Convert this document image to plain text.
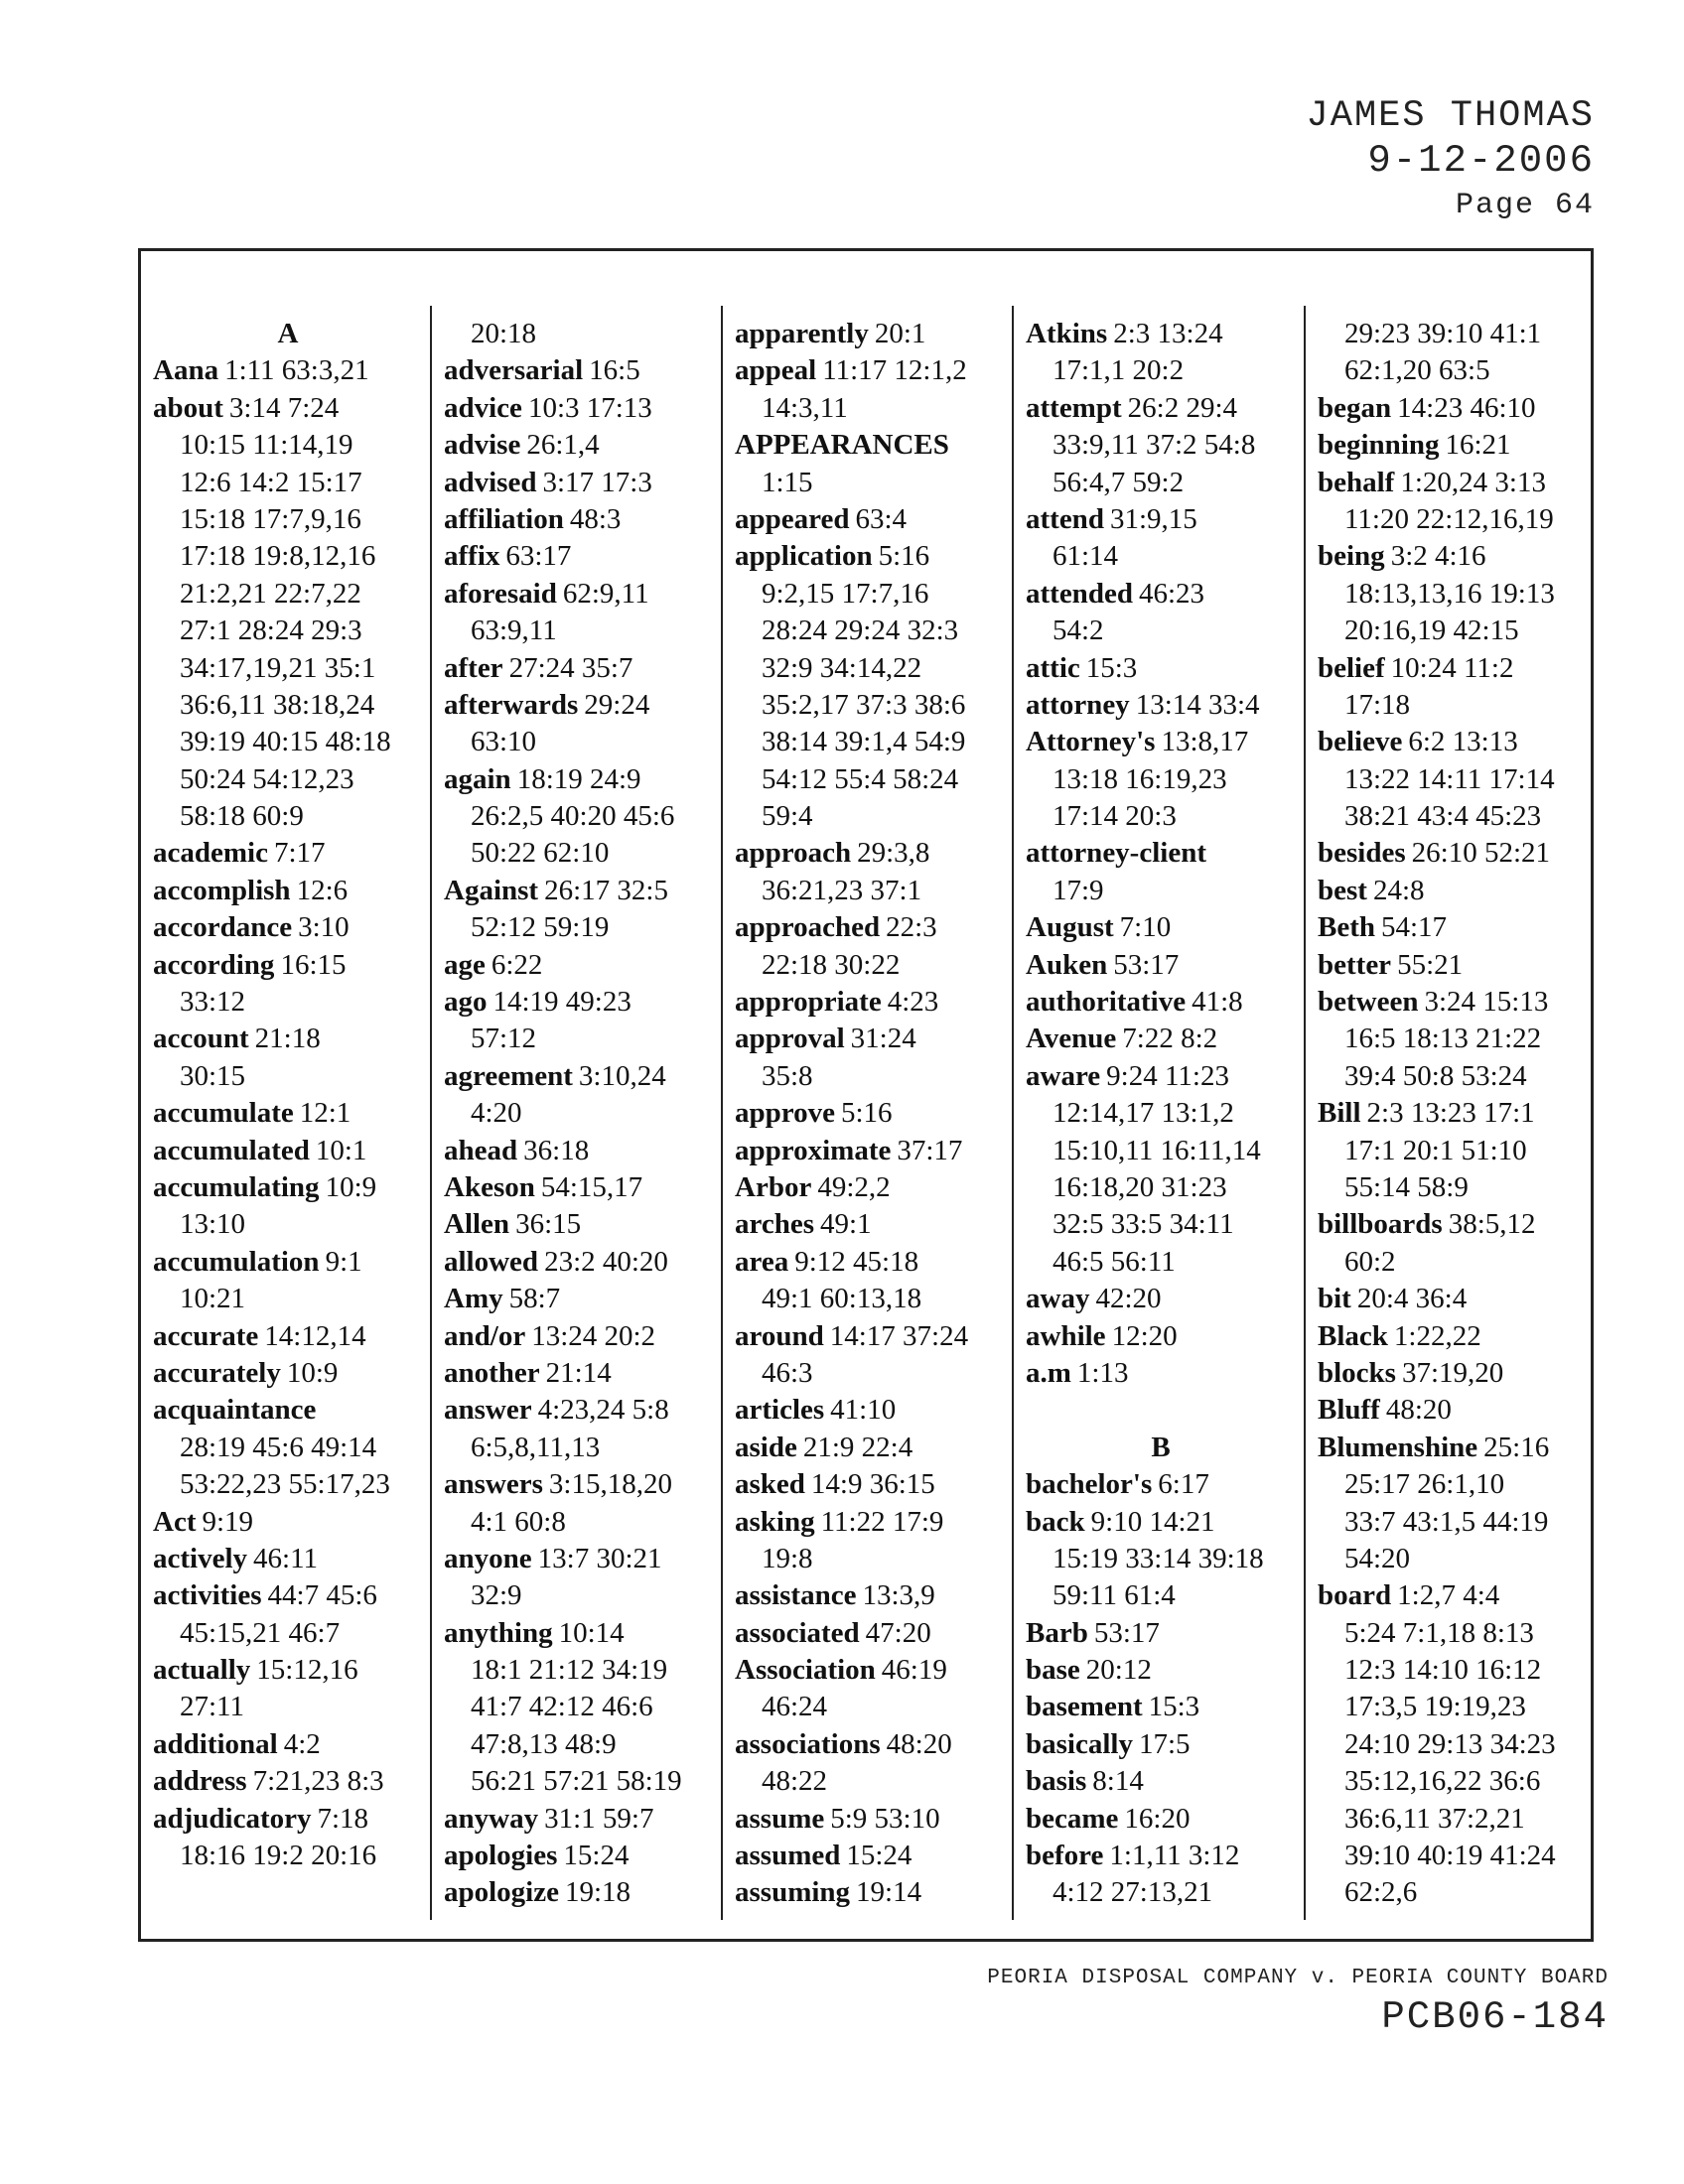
JAMES THOMAS
9-12-2006
Page 64
A
Aana 1:11 63:3,21
about 3:14 7:24
10:15 11:14,19
12:6 14:2 15:17
15:18 17:7,9,16
17:18 19:8,12,16
21:2,21 22:7,22
27:1 28:24 29:3
34:17,19,21 35:1
36:6,11 38:18,24
39:19 40:15 48:18
50:24 54:12,23
58:18 60:9
academic 7:17
accomplish 12:6
accordance 3:10
according 16:15
33:12
account 21:18
30:15
accumulate 12:1
accumulated 10:1
accumulating 10:9
13:10
accumulation 9:1
10:21
accurate 14:12,14
accurately 10:9
acquaintance
28:19 45:6 49:14
53:22,23 55:17,23
Act 9:19
actively 46:11
activities 44:7 45:6
45:15,21 46:7
actually 15:12,16
27:11
additional 4:2
address 7:21,23 8:3
adjudicatory 7:18
18:16 19:2 20:16
20:18
adversarial 16:5
advice 10:3 17:13
advise 26:1,4
advised 3:17 17:3
affiliation 48:3
affix 63:17
aforesaid 62:9,11
63:9,11
after 27:24 35:7
afterwards 29:24
63:10
again 18:19 24:9
26:2,5 40:20 45:6
50:22 62:10
Against 26:17 32:5
52:12 59:19
age 6:22
ago 14:19 49:23
57:12
agreement 3:10,24
4:20
ahead 36:18
Akeson 54:15,17
Allen 36:15
allowed 23:2 40:20
Amy 58:7
and/or 13:24 20:2
another 21:14
answer 4:23,24 5:8
6:5,8,11,13
answers 3:15,18,20
4:1 60:8
anyone 13:7 30:21
32:9
anything 10:14
18:1 21:12 34:19
41:7 42:12 46:6
47:8,13 48:9
56:21 57:21 58:19
anyway 31:1 59:7
apologies 15:24
apologize 19:18
apparently 20:1
appeal 11:17 12:1,2
14:3,11
APPEARANCES
1:15
appeared 63:4
application 5:16
9:2,15 17:7,16
28:24 29:24 32:3
32:9 34:14,22
35:2,17 37:3 38:6
38:14 39:1,4 54:9
54:12 55:4 58:24
59:4
approach 29:3,8
36:21,23 37:1
approached 22:3
22:18 30:22
appropriate 4:23
approval 31:24
35:8
approve 5:16
approximate 37:17
Arbor 49:2,2
arches 49:1
area 9:12 45:18
49:1 60:13,18
around 14:17 37:24
46:3
articles 41:10
aside 21:9 22:4
asked 14:9 36:15
asking 11:22 17:9
19:8
assistance 13:3,9
associated 47:20
Association 46:19
46:24
associations 48:20
48:22
assume 5:9 53:10
assumed 15:24
assuming 19:14
Atkins 2:3 13:24
17:1,1 20:2
attempt 26:2 29:4
33:9,11 37:2 54:8
56:4,7 59:2
attend 31:9,15
61:14
attended 46:23
54:2
attic 15:3
attorney 13:14 33:4
Attorney's 13:8,17
13:18 16:19,23
17:14 20:3
attorney-client
17:9
August 7:10
Auken 53:17
authoritative 41:8
Avenue 7:22 8:2
aware 9:24 11:23
12:14,17 13:1,2
15:10,11 16:11,14
16:18,20 31:23
32:5 33:5 34:11
46:5 56:11
away 42:20
awhile 12:20
a.m 1:13
B
bachelor's 6:17
back 9:10 14:21
15:19 33:14 39:18
59:11 61:4
Barb 53:17
base 20:12
basement 15:3
basically 17:5
basis 8:14
became 16:20
before 1:1,11 3:12
4:12 27:13,21
29:23 39:10 41:1
62:1,20 63:5
began 14:23 46:10
beginning 16:21
behalf 1:20,24 3:13
11:20 22:12,16,19
being 3:2 4:16
18:13,13,16 19:13
20:16,19 42:15
belief 10:24 11:2
17:18
believe 6:2 13:13
13:22 14:11 17:14
38:21 43:4 45:23
besides 26:10 52:21
best 24:8
Beth 54:17
better 55:21
between 3:24 15:13
16:5 18:13 21:22
39:4 50:8 53:24
Bill 2:3 13:23 17:1
17:1 20:1 51:10
55:14 58:9
billboards 38:5,12
60:2
bit 20:4 36:4
Black 1:22,22
blocks 37:19,20
Bluff 48:20
Blumenshine 25:16
25:17 26:1,10
33:7 43:1,5 44:19
54:20
board 1:2,7 4:4
5:24 7:1,18 8:13
12:3 14:10 16:12
17:3,5 19:19,23
24:10 29:13 34:23
35:12,16,22 36:6
36:6,11 37:2,21
39:10 40:19 41:24
62:2,6
PEORIA DISPOSAL COMPANY v. PEORIA COUNTY BOARD
PCB06-184
